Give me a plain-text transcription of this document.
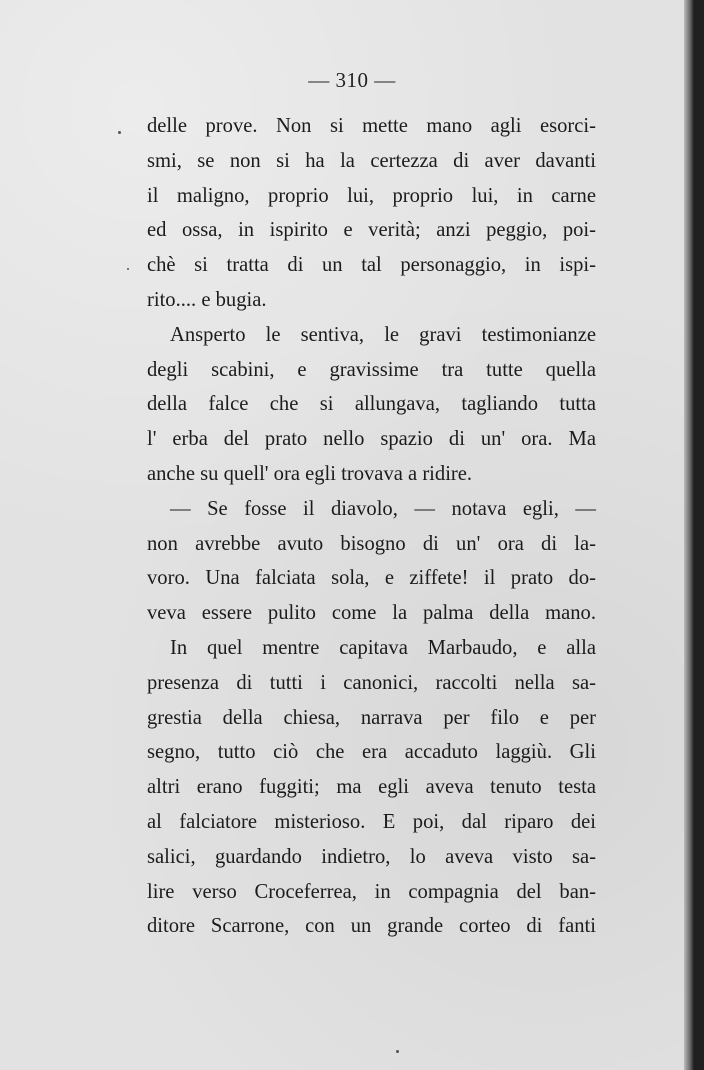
— 310 —
delle prove. Non si mette mano agli esorci-
smi, se non si ha la certezza di aver davanti
il maligno, proprio lui, proprio lui, in carne
ed ossa, in ispirito e verità; anzi peggio, poi-
chè si tratta di un tal personaggio, in ispi-
rito.... e bugia.
Ansperto le sentiva, le gravi testimonianze
degli scabini, e gravissime tra tutte quella
della falce che si allungava, tagliando tutta
l' erba del prato nello spazio di un' ora. Ma
anche su quell' ora egli trovava a ridire.
— Se fosse il diavolo, — notava egli, —
non avrebbe avuto bisogno di un' ora di la-
voro. Una falciata sola, e ziffete! il prato do-
veva essere pulito come la palma della mano.
In quel mentre capitava Marbaudo, e alla
presenza di tutti i canonici, raccolti nella sa-
grestia della chiesa, narrava per filo e per
segno, tutto ciò che era accaduto laggiù. Gli
altri erano fuggiti; ma egli aveva tenuto testa
al falciatore misterioso. E poi, dal riparo dei
salici, guardando indietro, lo aveva visto sa-
lire verso Croceferrea, in compagnia del ban-
ditore Scarrone, con un grande corteo di fanti
